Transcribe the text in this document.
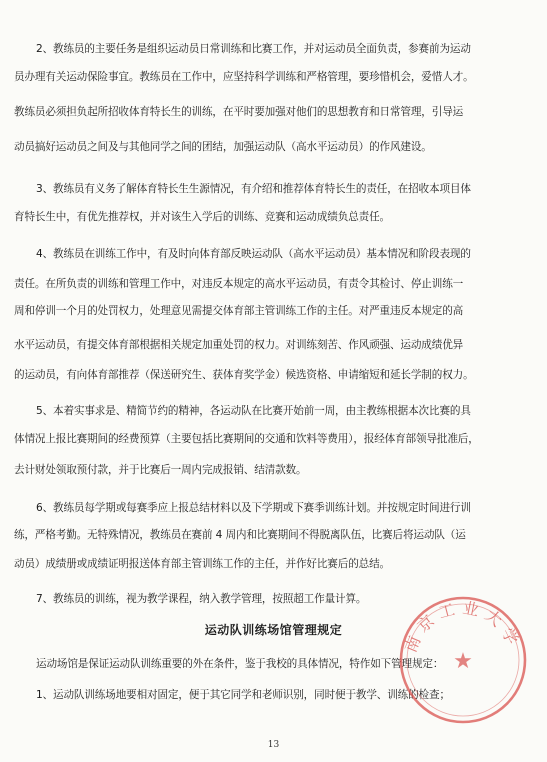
2、教练员的主要任务是组织运动员日常训练和比赛工作，并对运动员全面负责，参赛前为运动
员办理有关运动保险事宜。教练员在工作中，应坚持科学训练和严格管理，要珍惜机会，爱惜人才。
教练员必须担负起所招收体育特长生的训练，在平时要加强对他们的思想教育和日常管理，引导运
动员搞好运动员之间及与其他同学之间的团结，加强运动队（高水平运动员）的作风建设。
3、教练员有义务了解体育特长生生源情况，有介绍和推荐体育特长生的责任，在招收本项目体
育特长生中，有优先推荐权，并对该生入学后的训练、竞赛和运动成绩负总责任。
4、教练员在训练工作中，有及时向体育部反映运动队（高水平运动员）基本情况和阶段表现的
责任。在所负责的训练和管理工作中，对违反本规定的高水平运动员，有责令其检讨、停止训练一
周和停训一个月的处罚权力，处理意见需提交体育部主管训练工作的主任。对严重违反本规定的高
水平运动员，有提交体育部根据相关规定加重处罚的权力。对训练刻苦、作风顽强、运动成绩优异
的运动员，有向体育部推荐（保送研究生、获体育奖学金）候选资格、申请缩短和延长学制的权力。
5、本着实事求是、精简节约的精神，各运动队在比赛开始前一周，由主教练根据本次比赛的具
体情况上报比赛期间的经费预算（主要包括比赛期间的交通和饮料等费用），报经体育部领导批准后，
去计财处领取预付款，并于比赛后一周内完成报销、结清款数。
6、教练员每学期或每赛季应上报总结材料以及下学期或下赛季训练计划。并按规定时间进行训
练，严格考勤。无特殊情况，教练员在赛前 4 周内和比赛期间不得脱离队伍，比赛后将运动队（运
动员）成绩册或成绩证明报送体育部主管训练工作的主任，并作好比赛后的总结。
7、教练员的训练，视为教学课程，纳入教学管理，按照超工作量计算。
运动队训练场馆管理规定
运动场馆是保证运动队训练重要的外在条件，鉴于我校的具体情况，特作如下管理规定：
1、运动队训练场地要相对固定，便于其它同学和老师识别，同时便于教学、训练的检查；
南京工业大学
★
13
